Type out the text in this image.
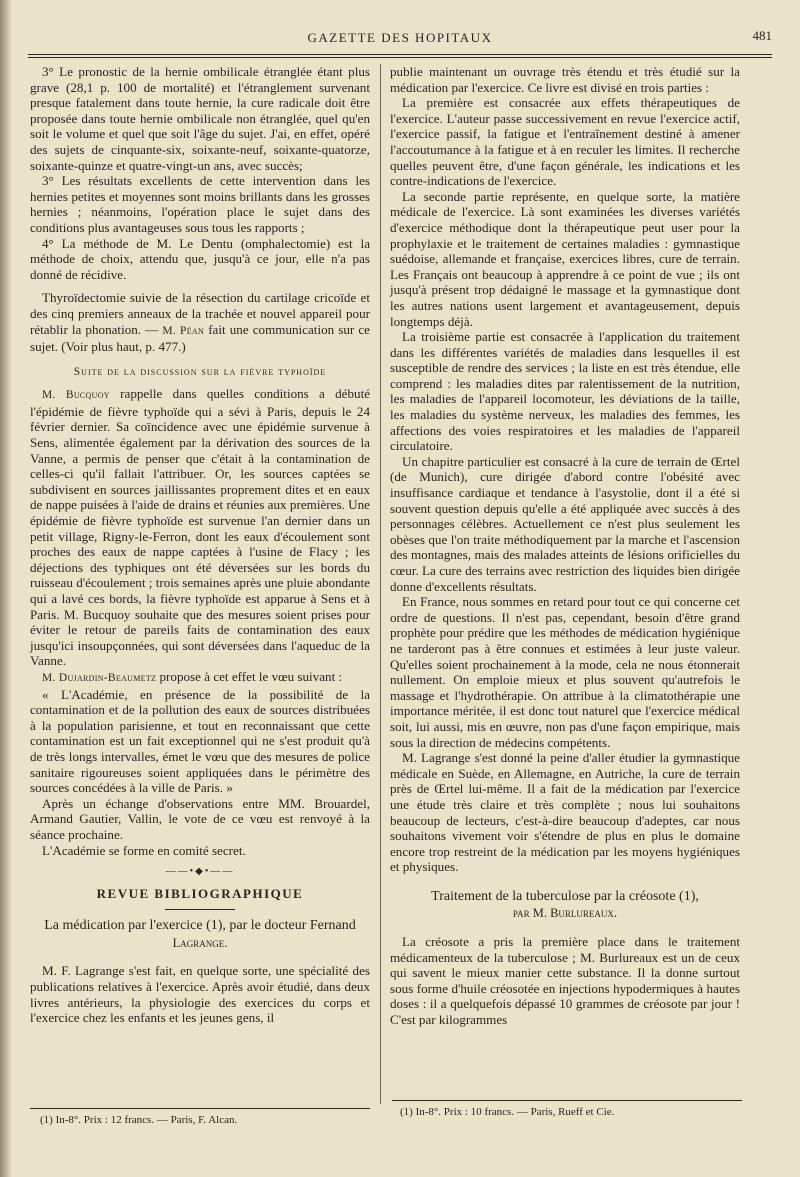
GAZETTE DES HOPITAUX	481

3° Le pronostic de la hernie ombilicale étranglée étant plus grave (28,1 p. 100 de mortalité) et l'étranglement survenant presque fatalement dans toute hernie, la cure radicale doit être proposée dans toute hernie ombilicale non étranglée, quel qu'en soit le volume et quel que soit l'âge du sujet. J'ai, en effet, opéré des sujets de cinquante-six, soixante-neuf, soixante-quatorze, soixante-quinze et quatre-vingt-un ans, avec succès;

3° Les résultats excellents de cette intervention dans les hernies petites et moyennes sont moins brillants dans les grosses hernies ; néanmoins, l'opération place le sujet dans des conditions plus avantageuses sous tous les rapports ;

4° La méthode de M. Le Dentu (omphalectomie) est la méthode de choix, attendu que, jusqu'à ce jour, elle n'a pas donné de récidive.

Thyroïdectomie suivie de la résection du cartilage cricoïde et des cinq premiers anneaux de la trachée et nouvel appareil pour rétablir la phonation. — M. Péan fait une communication sur ce sujet. (Voir plus haut, p. 477.)

Suite de la discussion sur la fièvre typhoïde

M. Bucquoy rappelle dans quelles conditions a débuté l'épidémie de fièvre typhoïde qui a sévi à Paris, depuis le 24 février dernier. Sa coïncidence avec une épidémie survenue à Sens, alimentée également par la dérivation des sources de la Vanne, a permis de penser que c'était à la contamination de celles-ci qu'il fallait l'attribuer. Or, les sources captées se subdivisent en sources jaillissantes proprement dites et en eaux de nappe puisées à l'aide de drains et réunies aux premières. Une épidémie de fièvre typhoïde est survenue l'an dernier dans un petit village, Rigny-le-Ferron, dont les eaux d'écoulement sont proches des eaux de nappe captées à l'usine de Flacy ; les déjections des typhiques ont été déversées sur les bords du ruisseau d'écoulement ; trois semaines après une pluie abondante qui a lavé ces bords, la fièvre typhoïde est apparue à Sens et à Paris. M. Bucquoy souhaite que des mesures soient prises pour éviter le retour de pareils faits de contamination des eaux jusqu'ici insoupçonnées, qui sont déversées dans l'aqueduc de la Vanne.

M. Dujardin-Beaumetz propose à cet effet le vœu suivant :

« L'Académie, en présence de la possibilité de la contamination et de la pollution des eaux de sources distribuées à la population parisienne, et tout en reconnaissant que cette contamination est un fait exceptionnel qui ne s'est produit qu'à de très longs intervalles, émet le vœu que des mesures de police sanitaire rigoureuses soient appliquées dans le périmètre des sources concédées à la ville de Paris. »

Après un échange d'observations entre MM. Brouardel, Armand Gautier, Vallin, le vote de ce vœu est renvoyé à la séance prochaine.

L'Académie se forme en comité secret.

——•◆•——
REVUE BIBLIOGRAPHIQUE
La médication par l'exercice (1), par le docteur Fernand
Lagrange.

M. F. Lagrange s'est fait, en quelque sorte, une spécialité des publications relatives à l'exercice. Après avoir étudié, dans deux livres antérieurs, la physiologie des exercices du corps et l'exercice chez les enfants et les jeunes gens, il

(1) In-8°. Prix : 12 francs. — Paris, F. Alcan.

publie maintenant un ouvrage très étendu et très étudié sur la médication par l'exercice. Ce livre est divisé en trois parties :

La première est consacrée aux effets thérapeutiques de l'exercice. L'auteur passe successivement en revue l'exercice actif, l'exercice passif, la fatigue et l'entraînement destiné à amener l'accoutumance à la fatigue et à en reculer les limites. Il recherche quelles peuvent être, d'une façon générale, les indications et les contre-indications de l'exercice.

La seconde partie représente, en quelque sorte, la matière médicale de l'exercice. Là sont examinées les diverses variétés d'exercice méthodique dont la thérapeutique peut user pour la prophylaxie et le traitement de certaines maladies : gymnastique suédoise, allemande et française, exercices libres, cure de terrain. Les Français ont beaucoup à apprendre à ce point de vue ; ils ont jusqu'à présent trop dédaigné le massage et la gymnastique dont les autres nations usent largement et avantageusement, depuis longtemps déjà.

La troisième partie est consacrée à l'application du traitement dans les différentes variétés de maladies dans lesquelles il est susceptible de rendre des services ; la liste en est très étendue, elle comprend : les maladies dites par ralentissement de la nutrition, les maladies de l'appareil locomoteur, les déviations de la taille, les maladies du système nerveux, les maladies des femmes, les affections des voies respiratoires et les maladies de l'appareil circulatoire.

Un chapitre particulier est consacré à la cure de terrain de Œrtel (de Munich), cure dirigée d'abord contre l'obésité avec insuffisance cardiaque et tendance à l'asystolie, dont il a été si souvent question depuis qu'elle a été appliquée avec succès à des personnages célèbres. Actuellement ce n'est plus seulement les obèses que l'on traite méthodiquement par la marche et l'ascension des montagnes, mais des malades atteints de lésions orificielles du cœur. La cure des terrains avec restriction des liquides bien dirigée donne d'excellents résultats.

En France, nous sommes en retard pour tout ce qui concerne cet ordre de questions. Il n'est pas, cependant, besoin d'être grand prophète pour prédire que les méthodes de médication hygiénique ne tarderont pas à être connues et estimées à leur juste valeur. Qu'elles soient prochainement à la mode, cela ne nous étonnerait nullement. On emploie mieux et plus souvent qu'autrefois le massage et l'hydrothérapie. On attribue à la climatothérapie une importance méritée, il est donc tout naturel que l'exercice médical soit, lui aussi, mis en œuvre, non pas d'une façon empirique, mais sous la direction de médecins compétents.

M. Lagrange s'est donné la peine d'aller étudier la gymnastique médicale en Suède, en Allemagne, en Autriche, la cure de terrain près de Œrtel lui-même. Il a fait de la médication par l'exercice une étude très claire et très complète ; nous lui souhaitons beaucoup de lecteurs, c'est-à-dire beaucoup d'adeptes, car nous souhaitons vivement voir s'étendre de plus en plus le domaine encore trop restreint de la médication par les moyens hygiéniques et physiques.

Traitement de la tuberculose par la créosote (1),
par M. Burlureaux.

La créosote a pris la première place dans le traitement médicamenteux de la tuberculose ; M. Burlureaux est un de ceux qui savent le mieux manier cette substance. Il la donne surtout sous forme d'huile créosotée en injections hypodermiques à hautes doses : il a quelquefois dépassé 10 grammes de créosote par jour ! C'est par kilogrammes

(1) In-8°. Prix : 10 francs. — Paris, Rueff et Cie.
